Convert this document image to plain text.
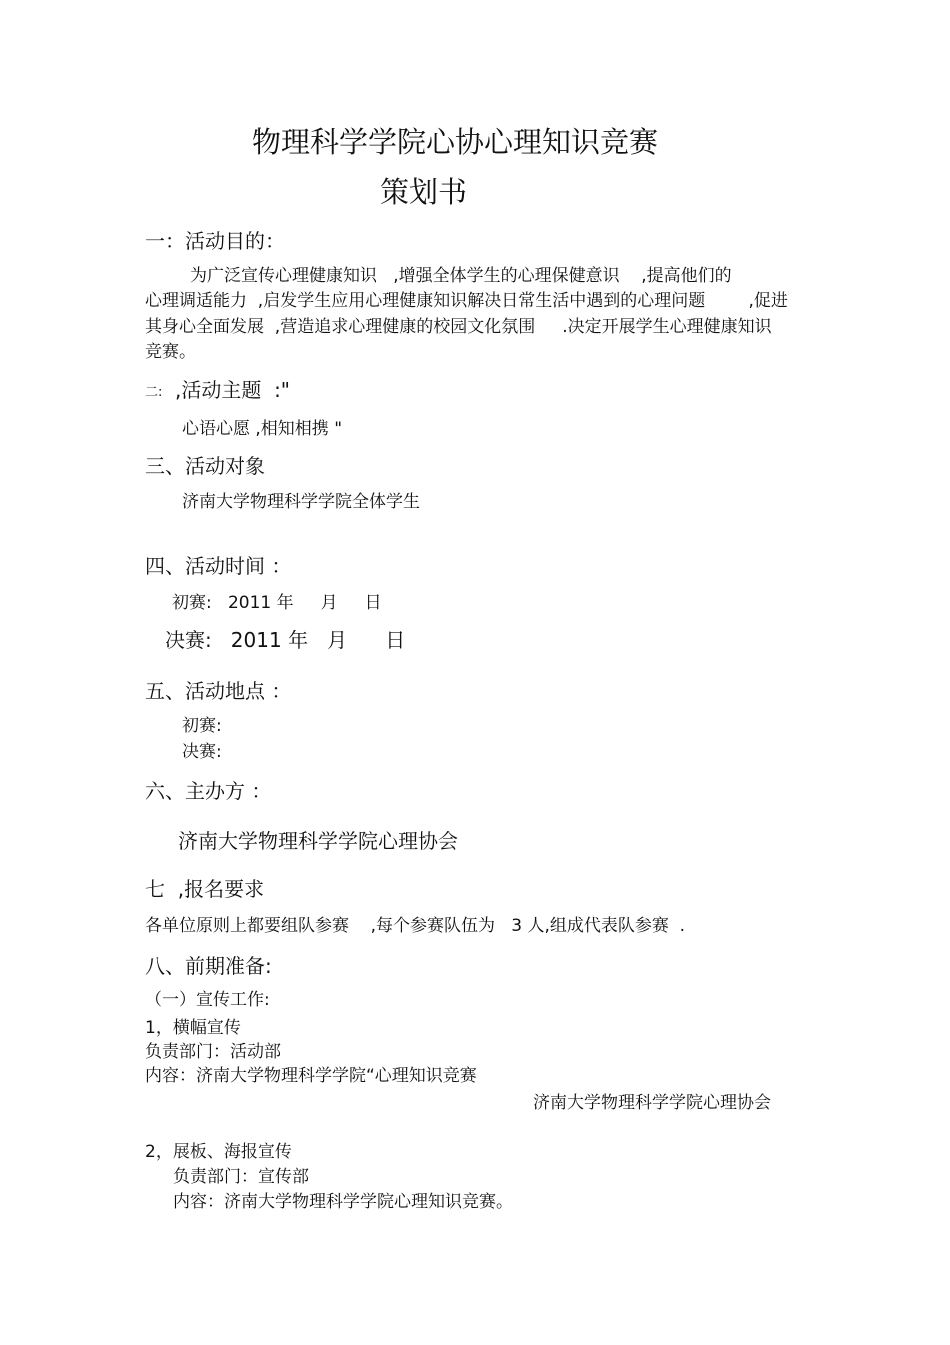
物理科学学院心协心理知识竞赛
策划书
一：活动目的：
为广泛宣传心理健康知识   ,增强全体学生的心理保健意识    ,提高他们的
心理调适能力  ,启发学生应用心理健康知识解决日常生活中遇到的心理问题        ,促进
其身心全面发展  ,营造追求心理健康的校园文化氛围     .决定开展学生心理健康知识
竞赛。
二: ,活动主题  :"
心语心愿 ,相知相携 "
三、活动对象
济南大学物理科学学院全体学生
四、活动时间 ：
初赛:   2011 年     月     日
决赛:   2011 年   月      日
五、活动地点 ：
初赛:
决赛:
六、主办方 ：
济南大学物理科学学院心理协会
七  ,报名要求
各单位原则上都要组队参赛    ,每个参赛队伍为   3 人,组成代表队参赛  .
八、前期准备:
（一）宣传工作:
1，横幅宣传
负责部门：活动部
内容：济南大学物理科学学院“心理知识竞赛
济南大学物理科学学院心理协会
2，展板、海报宣传
负责部门：宣传部
内容：济南大学物理科学学院心理知识竞赛。
